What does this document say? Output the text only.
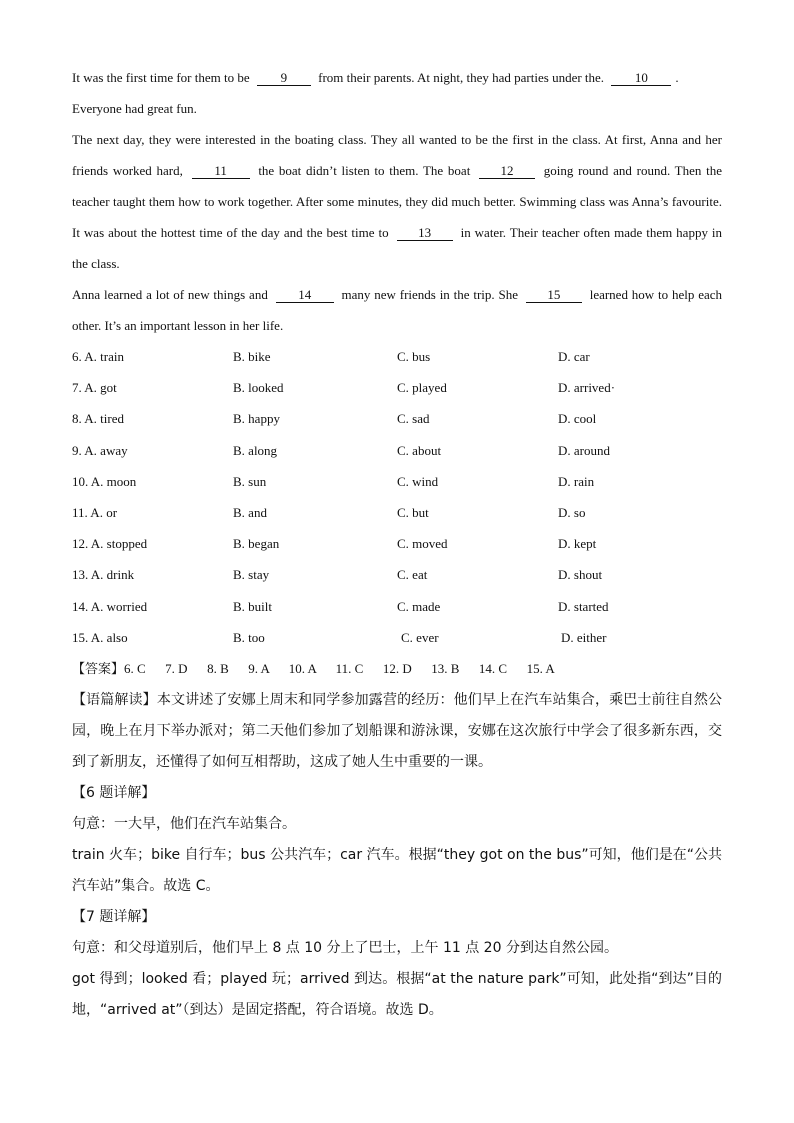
It was the first time for them to be 9 from their parents. At night, they had parties under the. 10 .
Everyone had great fun.

The next day, they were interested in the boating class. They all wanted to be the first in the class. At first, Anna and her friends worked hard, 11 the boat didn’t listen to them. The boat 12 going round and round. Then the teacher taught them how to work together. After some minutes, they did much better. Swimming class was Anna’s favourite. It was about the hottest time of the day and the best time to 13 in water. Their teacher often made them happy in the class.

Anna learned a lot of new things and 14 many new friends in the trip. She 15 learned how to help each other. It’s an important lesson in her life.

6. A. train	B. bike	C. bus	D. car
7. A. got	B. looked	C. played	D. arrived·
8. A. tired	B. happy	C. sad	D. cool
9. A. away	B. along	C. about	D. around
10. A. moon	B. sun	C. wind	D. rain
11. A. or	B. and	C. but	D. so
12. A. stopped	B. began	C. moved	D. kept
13. A. drink	B. stay	C. eat	D. shout
14. A. worried	B. built	C. made	D. started
15. A. also	B. too	C. ever	D. either
【答案】6. C      7. D      8. B      9. A      10. A      11. C      12. D      13. B      14. C      15. A

【语篇解读】本文讲述了安娜上周末和同学参加露营的经历：他们早上在汽车站集合，乘巴士前往自然公园，晚上在月下举办派对；第二天他们参加了划船课和游泳课，安娜在这次旅行中学会了很多新东西，交到了新朋友，还懂得了如何互相帮助，这成了她人生中重要的一课。

【6 题详解】

句意：一大早，他们在汽车站集合。

train 火车；bike 自行车；bus 公共汽车；car 汽车。根据“they got on the bus”可知，他们是在“公共汽车站”集合。故选 C。

【7 题详解】

句意：和父母道别后，他们早上 8 点 10 分上了巴士，上午 11 点 20 分到达自然公园。

got 得到；looked 看；played 玩；arrived 到达。根据“at the nature park”可知，此处指“到达”目的地，“arrived at”（到达）是固定搭配，符合语境。故选 D。
